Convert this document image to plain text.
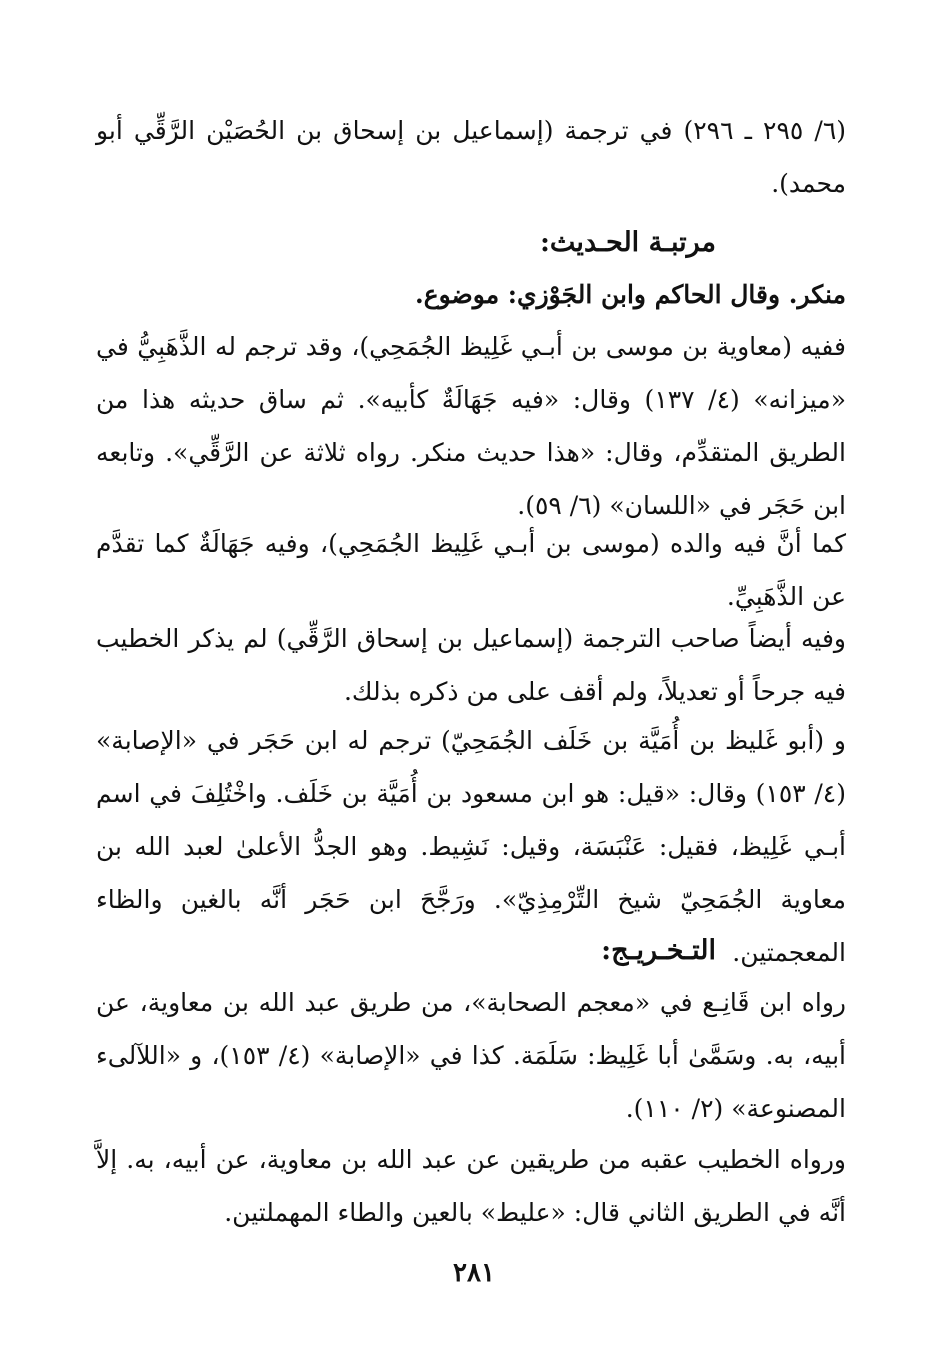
(٦/ ٢٩٥ ـ ٢٩٦) في ترجمة (إسماعيل بن إسحاق بن الحُصَيْن الرَّقِّي أبو محمد).
مرتبـة الحـديث:
منكر. وقال الحاكم وابن الجَوْزي: موضوع.
ففيه (معاوية بن موسى بن أبـي غَلِيظ الجُمَحِي)، وقد ترجم له الذَّهَبِيُّ في «ميزانه» (٤/ ١٣٧) وقال: «فيه جَهَالَةٌ كأبيه». ثم ساق حديثه هذا من الطريق المتقدِّم، وقال: «هذا حديث منكر. رواه ثلاثة عن الرَّقِّي». وتابعه ابن حَجَر في «اللسان» (٦/ ٥٩).
كما أنَّ فيه والده (موسى بن أبـي غَلِيظ الجُمَحِي)، وفيه جَهَالَةٌ كما تقدَّم عن الذَّهَبِيِّ.
وفيه أيضاً صاحب الترجمة (إسماعيل بن إسحاق الرَّقِّي) لم يذكر الخطيب فيه جرحاً أو تعديلاً، ولم أقف على من ذكره بذلك.
و (أبو غَليظ بن أُمَيَّة بن خَلَف الجُمَحِيّ) ترجم له ابن حَجَر في «الإصابة» (٤/ ١٥٣) وقال: «قيل: هو ابن مسعود بن أُمَيَّة بن خَلَف. واخْتُلِفَ في اسم أبـي غَلِيظ، فقيل: عَنْبَسَة، وقيل: نَشِيط. وهو الجدُّ الأعلىٰ لعبد الله بن معاوية الجُمَحِيّ شيخ التِّرْمِذِيّ». ورَجَّحَ ابن حَجَر أنَّه بالغين والظاء المعجمتين.
التـخـريـج:
رواه ابن قَانِـع في «معجم الصحابة»، من طريق عبد الله بن معاوية، عن أبيه، به. وسَمَّىٰ أبا غَلِيظ: سَلَمَة. كذا في «الإصابة» (٤/ ١٥٣)، و «اللآلىء المصنوعة» (٢/ ١١٠).
ورواه الخطيب عقبه من طريقين عن عبد الله بن معاوية، عن أبيه، به. إلاَّ أنَّه في الطريق الثاني قال: «عليط» بالعين والطاء المهملتين.
٢٨١
